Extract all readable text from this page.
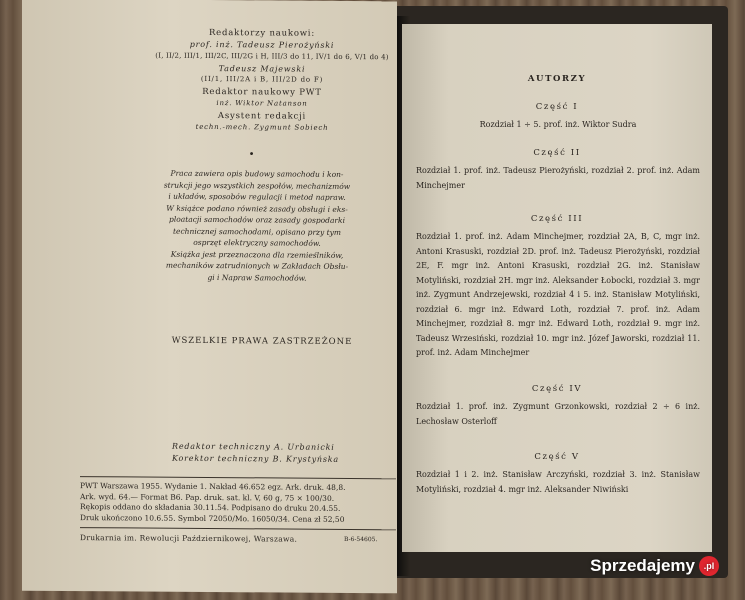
Redaktorzy naukowi:
prof. inż. Tadeusz Pierożyński
(I, II/2, III/1, III/2C, III/2G i H, III/3 do 11, IV/1 do 6, V/1 do 4)
Tadeusz Majewski
(II/1, III/2A i B, III/2D do F)
Redaktor naukowy PWT
inż. Wiktor Natanson
Asystent redakcji
techn.-mech. Zygmunt Sobiech
•
Praca zawiera opis budowy samochodu i kon-
strukcji jego wszystkich zespołów, mechanizmów
i układów, sposobów regulacji i metod napraw.
W książce podano również zasady obsługi i eks-
ploatacji samochodów oraz zasady gospodarki
technicznej samochodami, opisano przy tym
osprzęt elektryczny samochodów.
Książka jest przeznaczona dla rzemieślników,
mechaników zatrudnionych w Zakładach Obsłu-
gi i Napraw Samochodów.
WSZELKIE PRAWA ZASTRZEŻONE
Redaktor techniczny A. Urbanicki
Korektor techniczny B. Krystyńska
PWT Warszawa 1955. Wydanie 1. Nakład 46.652 egz. Ark. druk. 48,8.
Ark. wyd. 64.— Format B6. Pap. druk. sat. kl. V, 60 g, 75 × 100/30.
Rękopis oddano do składania 30.11.54. Podpisano do druku 20.4.55.
Druk ukończono 10.6.55. Symbol 72050/Mo. 16050/34. Cena zł 52,50
Drukarnia im. Rewolucji Październikowej, Warszawa.	B-6-54605.
AUTORZY
Część I
Rozdział 1 ÷ 5. prof. inż. Wiktor Sudra
Część II
Rozdział 1. prof. inż. Tadeusz Pierożyński, rozdział 2. prof. inż. Adam Minchejmer
Część III
Rozdział 1. prof. inż. Adam Minchejmer, rozdział 2A, B, C, mgr inż. Antoni Krasuski, rozdział 2D. prof. inż. Tadeusz Pierożyński, rozdział 2E, F. mgr inż. Antoni Krasuski, rozdział 2G. inż. Stanisław Motyliński, rozdział 2H. mgr inż. Aleksander Łobocki, rozdział 3. mgr inż. Zygmunt Andrzejewski, rozdział 4 i 5. inż. Stanisław Motyliński, rozdział 6. mgr inż. Edward Loth, rozdział 7. prof. inż. Adam Minchejmer, rozdział 8. mgr inż. Edward Loth, rozdział 9. mgr inż. Tadeusz Wrzesiński, rozdział 10. mgr inż. Józef Jaworski, rozdział 11. prof. inż. Adam Minchejmer
Część IV
Rozdział 1. prof. inż. Zygmunt Grzonkowski, rozdział 2 ÷ 6 inż. Lechosław Osterloff
Część V
Rozdział 1 i 2. inż. Stanisław Arczyński, rozdział 3. inż. Stanisław Motyliński, rozdział 4. mgr inż. Aleksander Niwiński
Sprzedajemy .pl
